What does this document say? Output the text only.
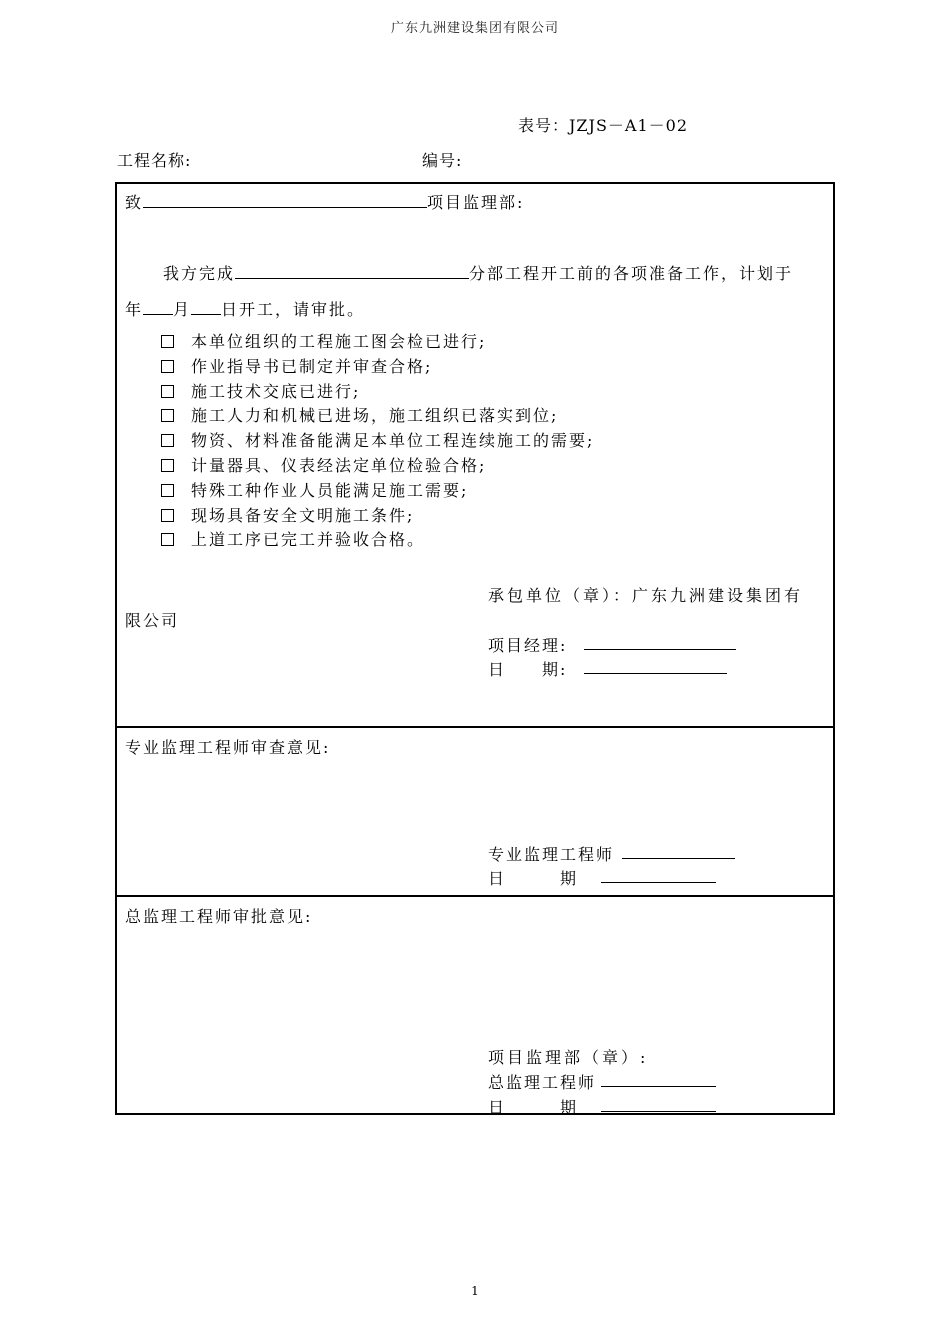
广东九洲建设集团有限公司
表号：JZJS－A1－02
工程名称:	编号:
致	项目监理部:
我方完成	分部工程开工前的各项准备工作，计划于
年 月 日开工，请审批。
本单位组织的工程施工图会检已进行;
作业指导书已制定并审查合格;
施工技术交底已进行;
施工人力和机械已进场，施工组织已落实到位;
物资、材料准备能满足本单位工程连续施工的需要;
计量器具、仪表经法定单位检验合格;
特殊工种作业人员能满足施工需要;
现场具备安全文明施工条件;
上道工序已完工并验收合格。
承包单位（章）：广东九洲建设集团有
限公司
项目经理:
日　　期:
专业监理工程师审查意见:
专业监理工程师
日　　　期
总监理工程师审批意见:
项目监理部（章）:
总监理工程师
日　　　期
1
